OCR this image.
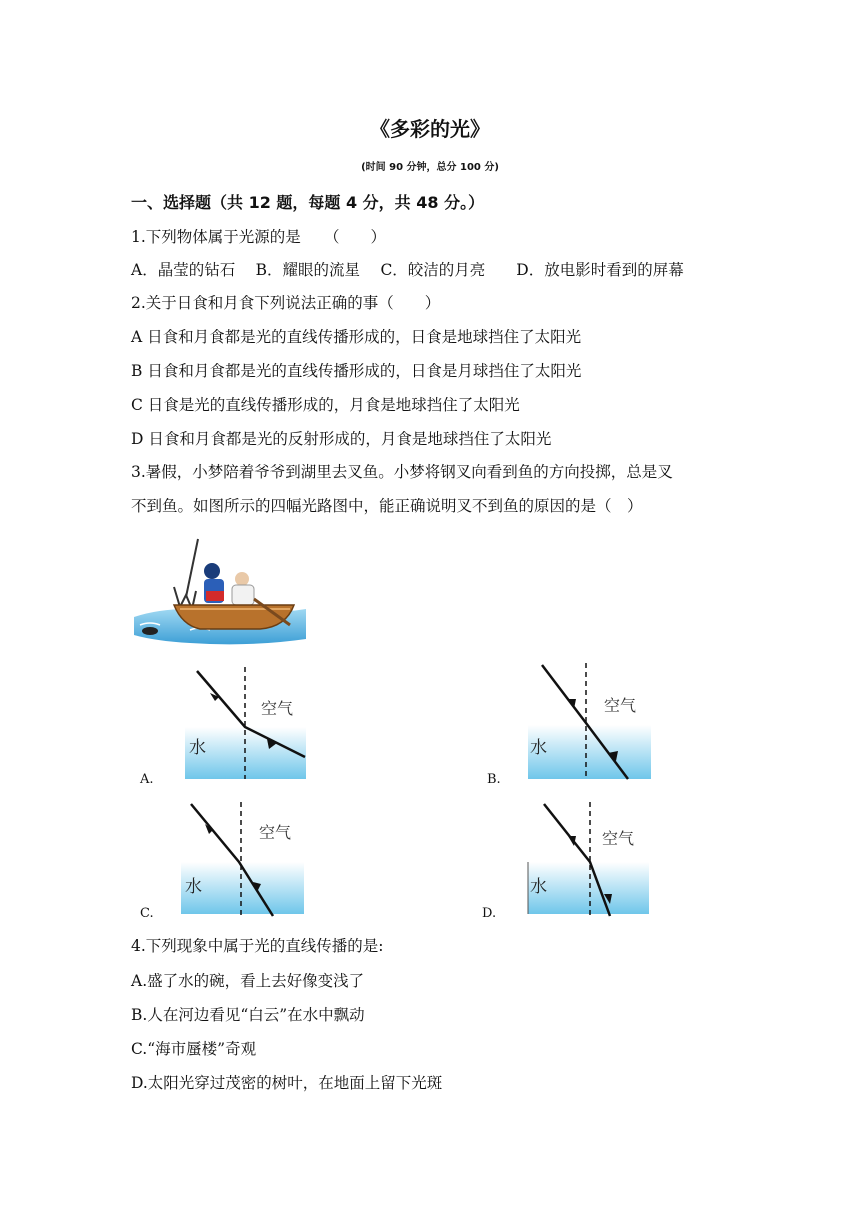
《多彩的光》
(时间 90 分钟，总分 100 分)
一、选择题（共 12 题，每题 4 分，共 48 分。）
1.下列物体属于光源的是　　（　　）
A．晶莹的钻石　 B．耀眼的流星　 C．皎洁的月亮　　D．放电影时看到的屏幕
2.关于日食和月食下列说法正确的事（　　）
A 日食和月食都是光的直线传播形成的，日食是地球挡住了太阳光
B 日食和月食都是光的直线传播形成的，日食是月球挡住了太阳光
C 日食是光的直线传播形成的，月食是地球挡住了太阳光
D 日食和月食都是光的反射形成的，月食是地球挡住了太阳光
3.暑假，小梦陪着爷爷到湖里去叉鱼。小梦将钢叉向看到鱼的方向投掷，总是叉
不到鱼。如图所示的四幅光路图中，能正确说明叉不到鱼的原因的是（　）
A.
空气
水
B.
空气
水
C.
空气
水
D.
空气
水
4.下列现象中属于光的直线传播的是:
A.盛了水的碗，看上去好像变浅了
B.人在河边看见“白云”在水中飘动
C.“海市蜃楼”奇观
D.太阳光穿过茂密的树叶，在地面上留下光斑
